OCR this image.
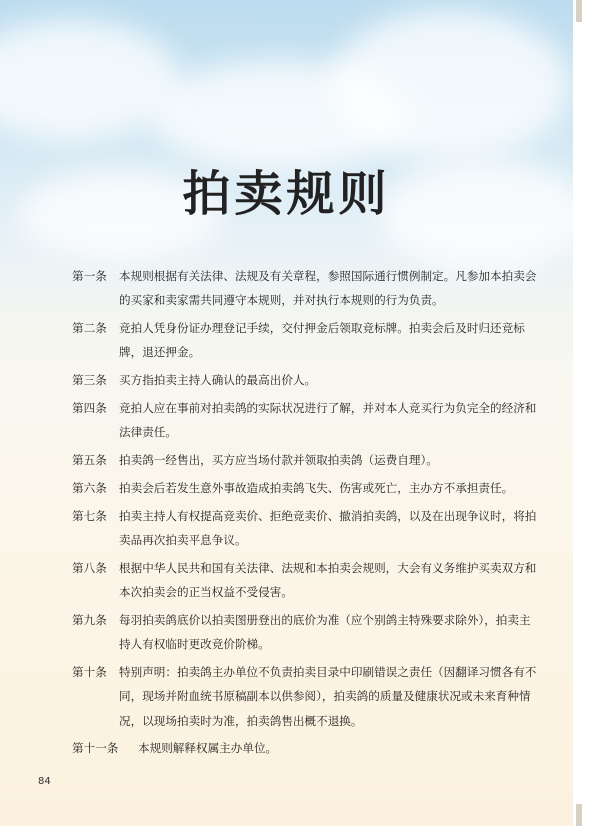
拍卖规则
第一条	本规则根据有关法律、法规及有关章程，参照国际通行惯例制定。凡参加本拍卖会的买家和卖家需共同遵守本规则，并对执行本规则的行为负责。
第二条	竞拍人凭身份证办理登记手续，交付押金后领取竞标牌。拍卖会后及时归还竞标牌，退还押金。
第三条	买方指拍卖主持人确认的最高出价人。
第四条	竞拍人应在事前对拍卖鸽的实际状况进行了解，并对本人竞买行为负完全的经济和法律责任。
第五条	拍卖鸽一经售出，买方应当场付款并领取拍卖鸽（运费自理）。
第六条	拍卖会后若发生意外事故造成拍卖鸽飞失、伤害或死亡，主办方不承担责任。
第七条	拍卖主持人有权提高竞卖价、拒绝竞卖价、撤消拍卖鸽，以及在出现争议时，将拍卖品再次拍卖平息争议。
第八条	根据中华人民共和国有关法律、法规和本拍卖会规则，大会有义务维护买卖双方和本次拍卖会的正当权益不受侵害。
第九条	每羽拍卖鸽底价以拍卖图册登出的底价为准（应个别鸽主特殊要求除外），拍卖主持人有权临时更改竞价阶梯。
第十条	特别声明：拍卖鸽主办单位不负责拍卖目录中印刷错误之责任（因翻译习惯各有不同，现场并附血统书原稿副本以供参阅），拍卖鸽的质量及健康状况或未来育种情况，以现场拍卖时为准，拍卖鸽售出概不退换。
第十一条	本规则解释权属主办单位。
84
